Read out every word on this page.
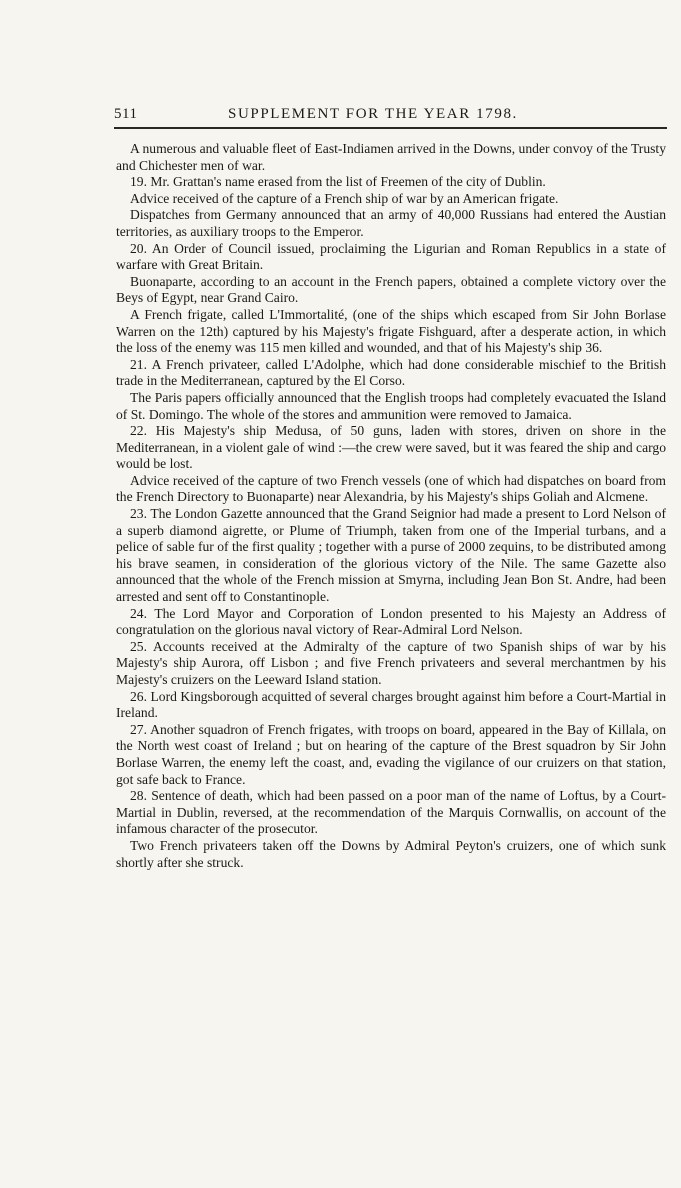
511	SUPPLEMENT FOR THE YEAR 1798.

A numerous and valuable fleet of East-Indiamen arrived in the Downs, under convoy of the Trusty and Chichester men of war.

19. Mr. Grattan's name erased from the list of Freemen of the city of Dublin.

Advice received of the capture of a French ship of war by an American frigate.

Dispatches from Germany announced that an army of 40,000 Russians had entered the Austian territories, as auxiliary troops to the Emperor.

20. An Order of Council issued, proclaiming the Ligurian and Roman Republics in a state of warfare with Great Britain.

Buonaparte, according to an account in the French papers, obtained a complete victory over the Beys of Egypt, near Grand Cairo.

A French frigate, called L'Immortalité, (one of the ships which escaped from Sir John Borlase Warren on the 12th) captured by his Majesty's frigate Fishguard, after a desperate action, in which the loss of the enemy was 115 men killed and wounded, and that of his Majesty's ship 36.

21. A French privateer, called L'Adolphe, which had done considerable mischief to the British trade in the Mediterranean, captured by the El Corso.

The Paris papers officially announced that the English troops had completely evacuated the Island of St. Domingo. The whole of the stores and ammunition were removed to Jamaica.

22. His Majesty's ship Medusa, of 50 guns, laden with stores, driven on shore in the Mediterranean, in a violent gale of wind :—the crew were saved, but it was feared the ship and cargo would be lost.

Advice received of the capture of two French vessels (one of which had dispatches on board from the French Directory to Buonaparte) near Alexandria, by his Majesty's ships Goliah and Alcmene.

23. The London Gazette announced that the Grand Seignior had made a present to Lord Nelson of a superb diamond aigrette, or Plume of Triumph, taken from one of the Imperial turbans, and a pelice of sable fur of the first quality ; together with a purse of 2000 zequins, to be distributed among his brave seamen, in consideration of the glorious victory of the Nile. The same Gazette also announced that the whole of the French mission at Smyrna, including Jean Bon St. Andre, had been arrested and sent off to Constantinople.

24. The Lord Mayor and Corporation of London presented to his Majesty an Address of congratulation on the glorious naval victory of Rear-Admiral Lord Nelson.

25. Accounts received at the Admiralty of the capture of two Spanish ships of war by his Majesty's ship Aurora, off Lisbon ; and five French privateers and several merchantmen by his Majesty's cruizers on the Leeward Island station.

26. Lord Kingsborough acquitted of several charges brought against him before a Court-Martial in Ireland.

27. Another squadron of French frigates, with troops on board, appeared in the Bay of Killala, on the North west coast of Ireland ; but on hearing of the capture of the Brest squadron by Sir John Borlase Warren, the enemy left the coast, and, evading the vigilance of our cruizers on that station, got safe back to France.

28. Sentence of death, which had been passed on a poor man of the name of Loftus, by a Court-Martial in Dublin, reversed, at the recommendation of the Marquis Cornwallis, on account of the infamous character of the prosecutor.

Two French privateers taken off the Downs by Admiral Peyton's cruizers, one of which sunk shortly after she struck.
